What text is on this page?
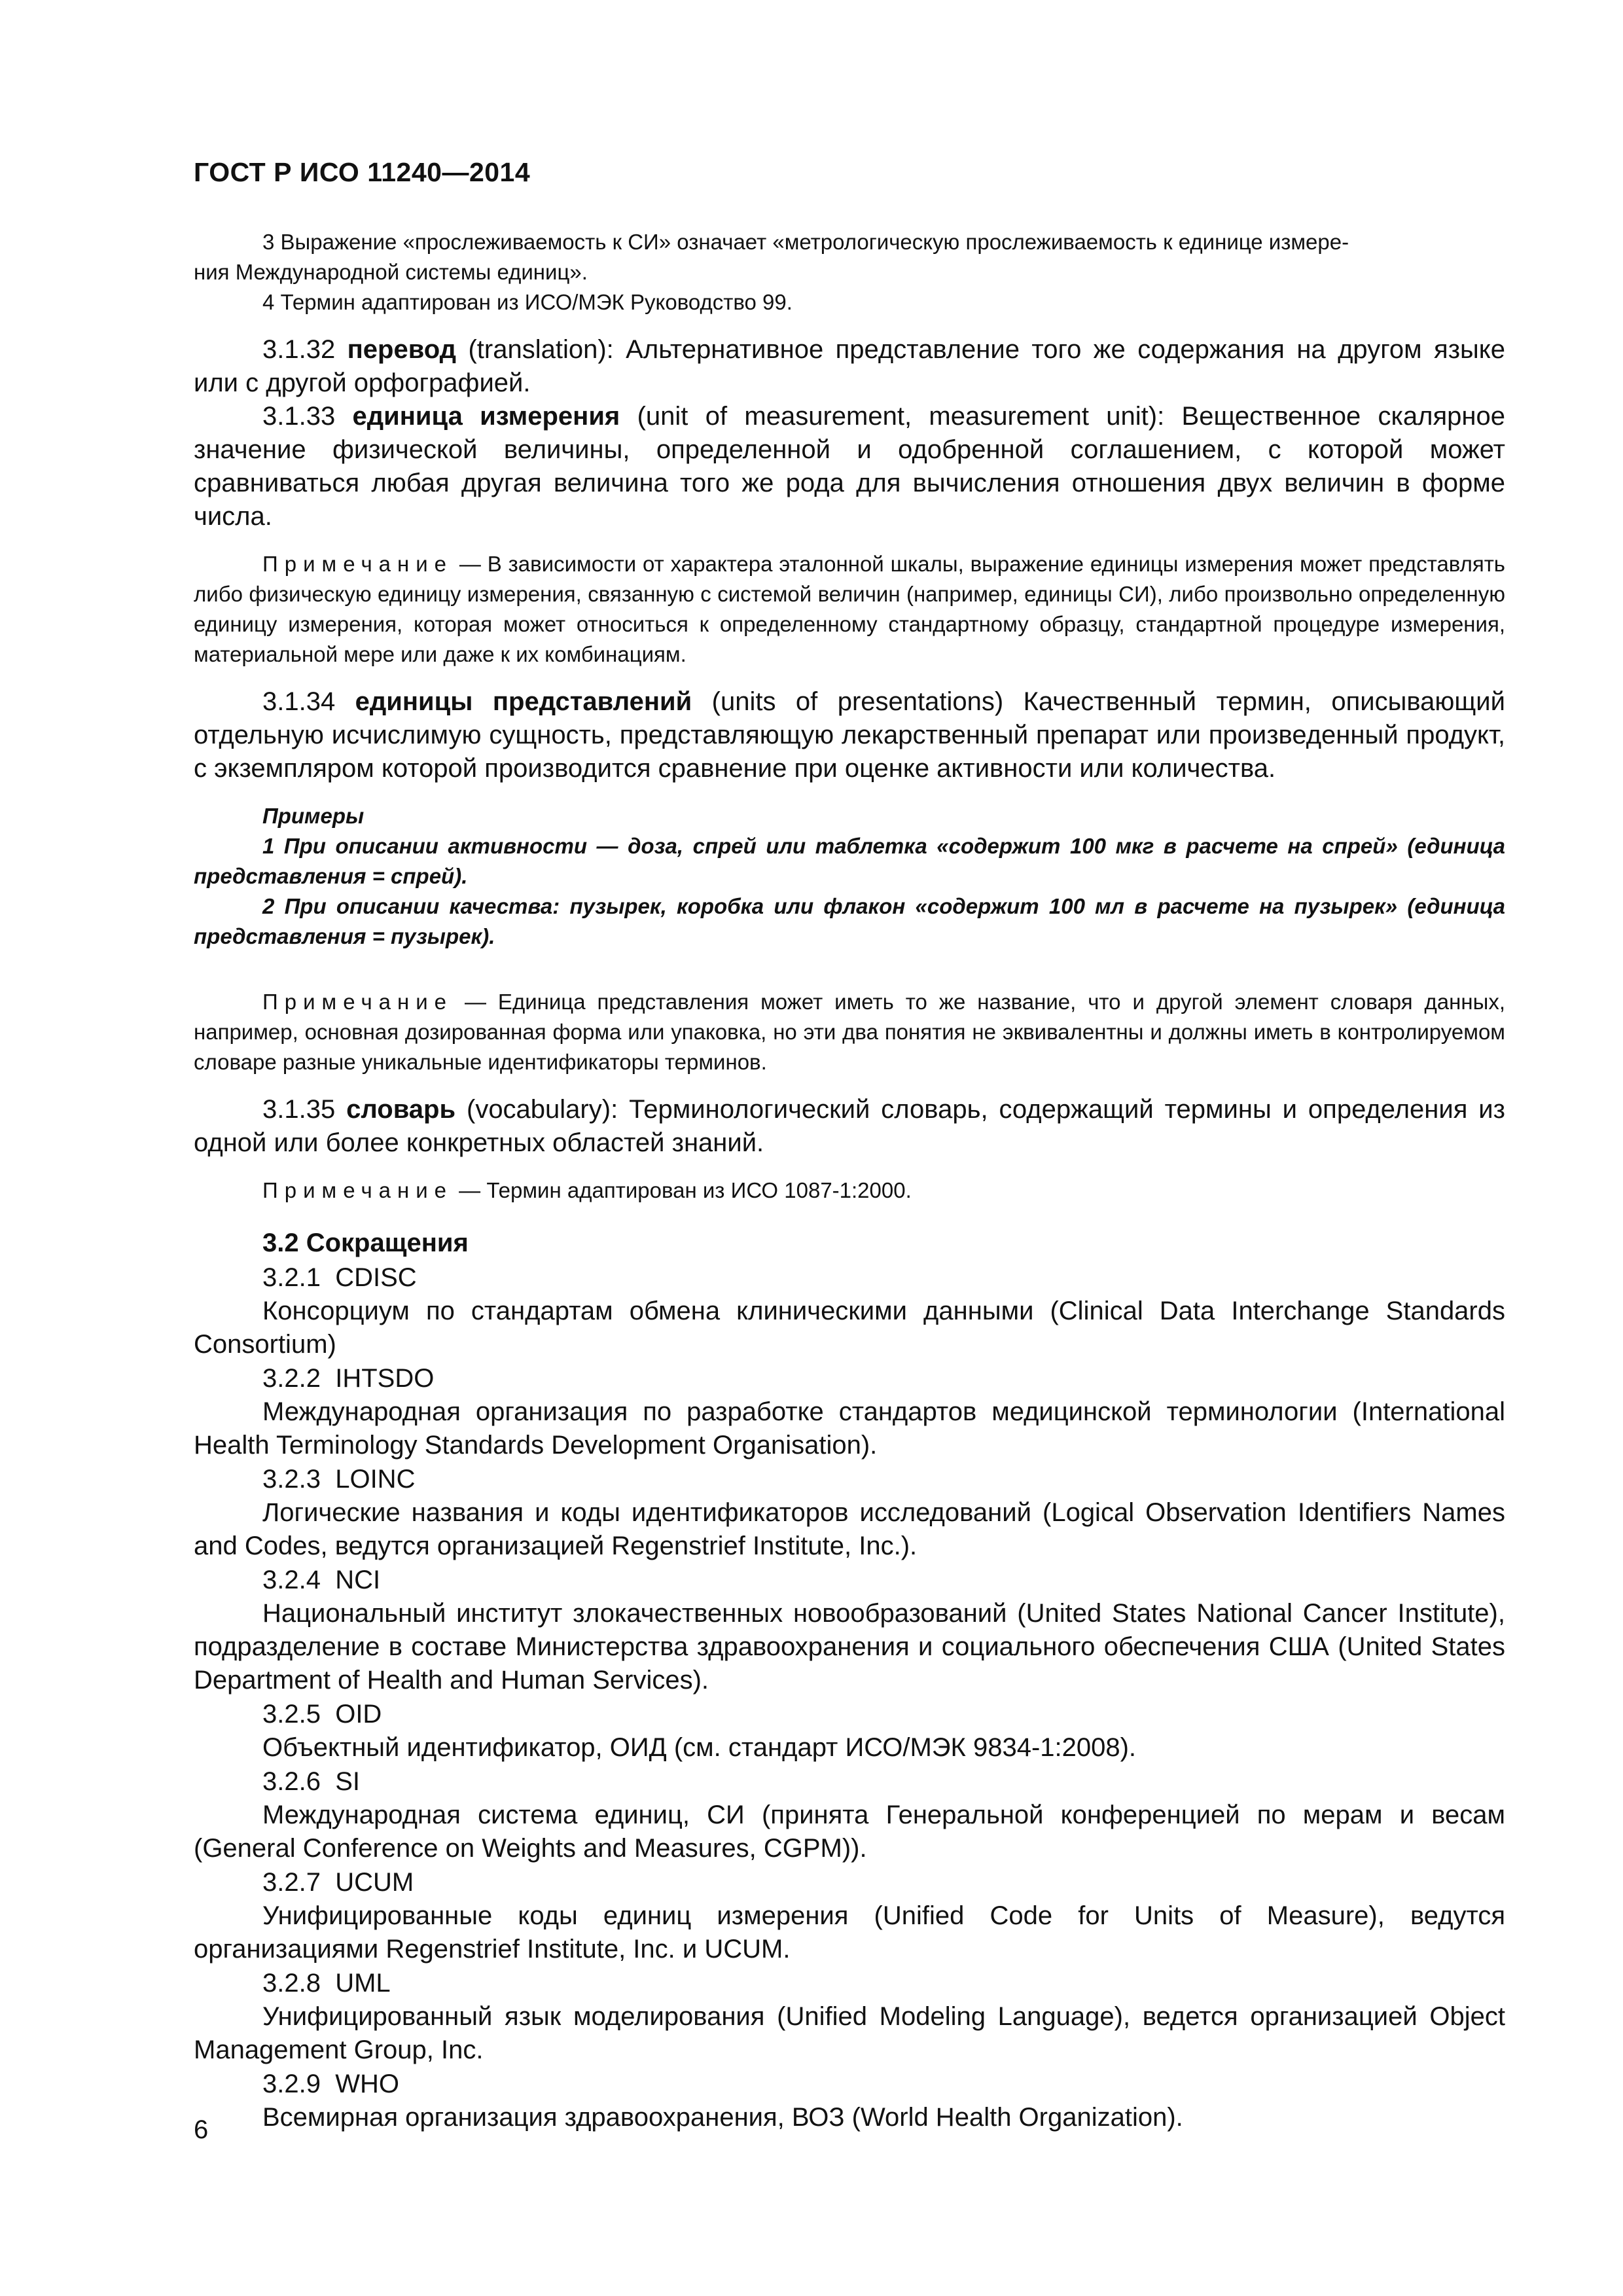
ГОСТ Р ИСО 11240—2014

3 Выражение «прослеживаемость к СИ» означает «метрологическую прослеживаемость к единице измере-

ния Международной системы единиц».

4 Термин адаптирован из ИСО/МЭК Руководство 99.

3.1.32 перевод (translation): Альтернативное представление того же содержания на другом языке или с другой орфографией.

3.1.33 единица измерения (unit of measurement, measurement unit): Вещественное скалярное значение физической величины, определенной и одобренной соглашением, с которой может сравниваться любая другая величина того же рода для вычисления отношения двух величин в форме числа.

Примечание — В зависимости от характера эталонной шкалы, выражение единицы измерения может представлять либо физическую единицу измерения, связанную с системой величин (например, единицы СИ), либо произвольно определенную единицу измерения, которая может относиться к определенному стандартному образцу, стандартной процедуре измерения, материальной мере или даже к их комбинациям.

3.1.34 единицы представлений (units of presentations) Качественный термин, описывающий отдельную исчислимую сущность, представляющую лекарственный препарат или произведенный продукт, с экземпляром которой производится сравнение при оценке активности или количества.

Примеры

1 При описании активности — доза, спрей или таблетка «содержит 100 мкг в расчете на спрей» (единица представления = спрей).

2 При описании качества: пузырек, коробка или флакон «содержит 100 мл в расчете на пузырек» (единица представления = пузырек).

Примечание — Единица представления может иметь то же название, что и другой элемент словаря данных, например, основная дозированная форма или упаковка, но эти два понятия не эквивалентны и должны иметь в контролируемом словаре разные уникальные идентификаторы терминов.

3.1.35 словарь (vocabulary): Терминологический словарь, содержащий термины и определения из одной или более конкретных областей знаний.

Примечание — Термин адаптирован из ИСО 1087-1:2000.

3.2 Сокращения

3.2.1 CDISC

Консорциум по стандартам обмена клиническими данными (Clinical Data Interchange Standards Consortium)

3.2.2 IHTSDO

Международная организация по разработке стандартов медицинской терминологии (International Health Terminology Standards Development Organisation).

3.2.3 LOINC

Логические названия и коды идентификаторов исследований (Logical Observation Identifiers Names and Codes, ведутся организацией Regenstrief Institute, Inc.).

3.2.4 NCI

Национальный институт злокачественных новообразований (United States National Cancer Institute), подразделение в составе Министерства здравоохранения и социального обеспечения США (United States Department of Health and Human Services).

3.2.5 OID

Объектный идентификатор, ОИД (см. стандарт ИСО/МЭК 9834-1:2008).

3.2.6 SI

Международная система единиц, СИ (принята Генеральной конференцией по мерам и весам (General Conference on Weights and Measures, CGPM)).

3.2.7 UCUM

Унифицированные коды единиц измерения (Unified Code for Units of Measure), ведутся организациями Regenstrief Institute, Inc. и UCUM.

3.2.8 UML

Унифицированный язык моделирования (Unified Modeling Language), ведется организацией Object Management Group, Inc.

3.2.9 WHO

Всемирная организация здравоохранения, ВОЗ (World Health Organization).

6
